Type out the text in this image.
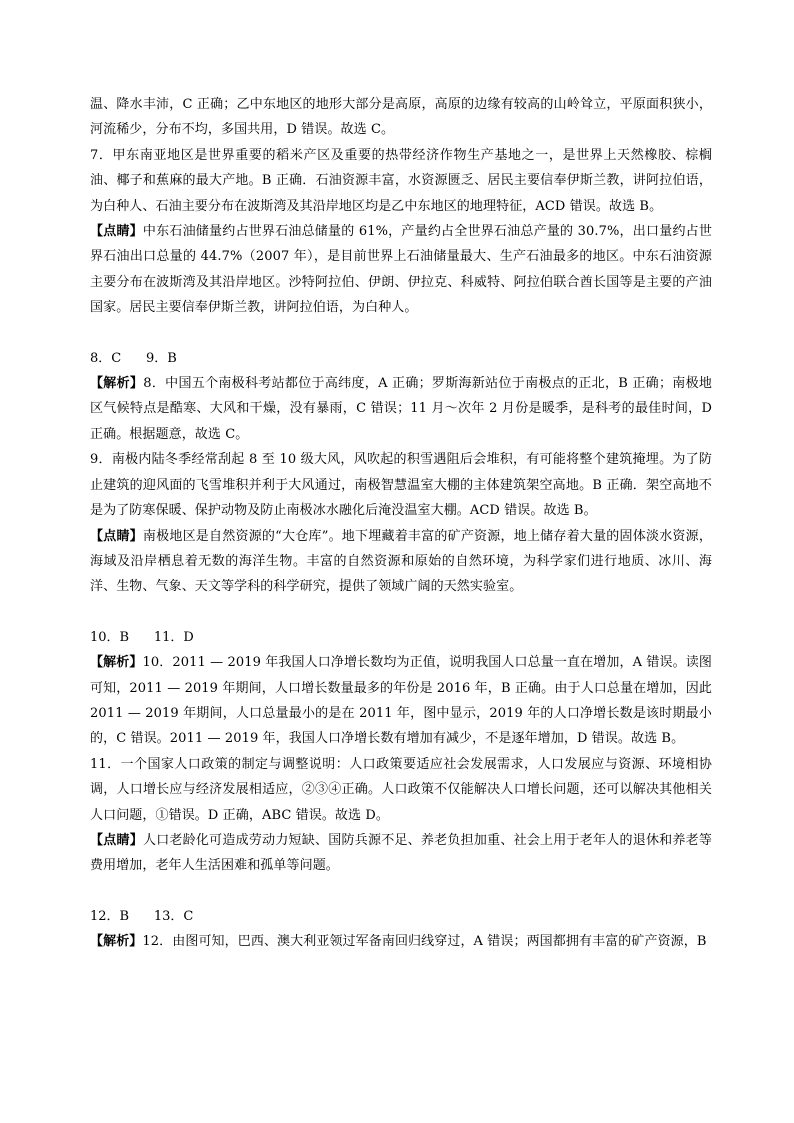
温、降水丰沛，C 正确；乙中东地区的地形大部分是高原，高原的边缘有较高的山岭耸立，平原面积狭小，河流稀少，分布不均，多国共用，D 错误。故选 C。

7．甲东南亚地区是世界重要的稻米产区及重要的热带经济作物生产基地之一，是世界上天然橡胶、棕榈油、椰子和蕉麻的最大产地。B 正确．石油资源丰富，水资源匮乏、居民主要信奉伊斯兰教，讲阿拉伯语，为白种人、石油主要分布在波斯湾及其沿岸地区均是乙中东地区的地理特征，ACD 错误。故选 B。

【点睛】中东石油储量约占世界石油总储量的 61%，产量约占全世界石油总产量的 30.7%，出口量约占世界石油出口总量的 44.7%（2007 年），是目前世界上石油储量最大、生产石油最多的地区。中东石油资源主要分布在波斯湾及其沿岸地区。沙特阿拉伯、伊朗、伊拉克、科威特、阿拉伯联合酋长国等是主要的产油国家。居民主要信奉伊斯兰教，讲阿拉伯语，为白种人。

8．C      9．B

【解析】8．中国五个南极科考站都位于高纬度，A 正确；罗斯海新站位于南极点的正北，B 正确；南极地区气候特点是酷寒、大风和干燥，没有暴雨，C 错误；11 月～次年 2 月份是暖季，是科考的最佳时间，D 正确。根据题意，故选 C。

9．南极内陆冬季经常刮起 8 至 10 级大风，风吹起的积雪遇阻后会堆积，有可能将整个建筑掩埋。为了防止建筑的迎风面的飞雪堆积并利于大风通过，南极智慧温室大棚的主体建筑架空高地。B 正确．架空高地不是为了防寒保暖、保护动物及防止南极冰水融化后淹没温室大棚。ACD 错误。故选 B。

【点睛】南极地区是自然资源的“大仓库”。地下埋藏着丰富的矿产资源，地上储存着大量的固体淡水资源，海域及沿岸栖息着无数的海洋生物。丰富的自然资源和原始的自然环境，为科学家们进行地质、冰川、海洋、生物、气象、天文等学科的科学研究，提供了领域广阔的天然实验室。

10．B      11．D

【解析】10．2011 — 2019 年我国人口净增长数均为正值，说明我国人口总量一直在增加，A 错误。读图可知，2011 — 2019 年期间，人口增长数量最多的年份是 2016 年，B 正确。由于人口总量在增加，因此 2011 — 2019 年期间，人口总量最小的是在 2011 年，图中显示，2019 年的人口净增长数是该时期最小的，C 错误。2011 — 2019 年，我国人口净增长数有增加有减少，不是逐年增加，D 错误。故选 B。

11．一个国家人口政策的制定与调整说明：人口政策要适应社会发展需求，人口发展应与资源、环境相协调，人口增长应与经济发展相适应，②③④正确。人口政策不仅能解决人口增长问题，还可以解决其他相关人口问题，①错误。D 正确，ABC 错误。故选 D。

【点睛】人口老龄化可造成劳动力短缺、国防兵源不足、养老负担加重、社会上用于老年人的退休和养老等费用增加，老年人生活困难和孤单等问题。

12．B      13．C

【解析】12．由图可知，巴西、澳大利亚领过军备南回归线穿过，A 错误；两国都拥有丰富的矿产资源，B
